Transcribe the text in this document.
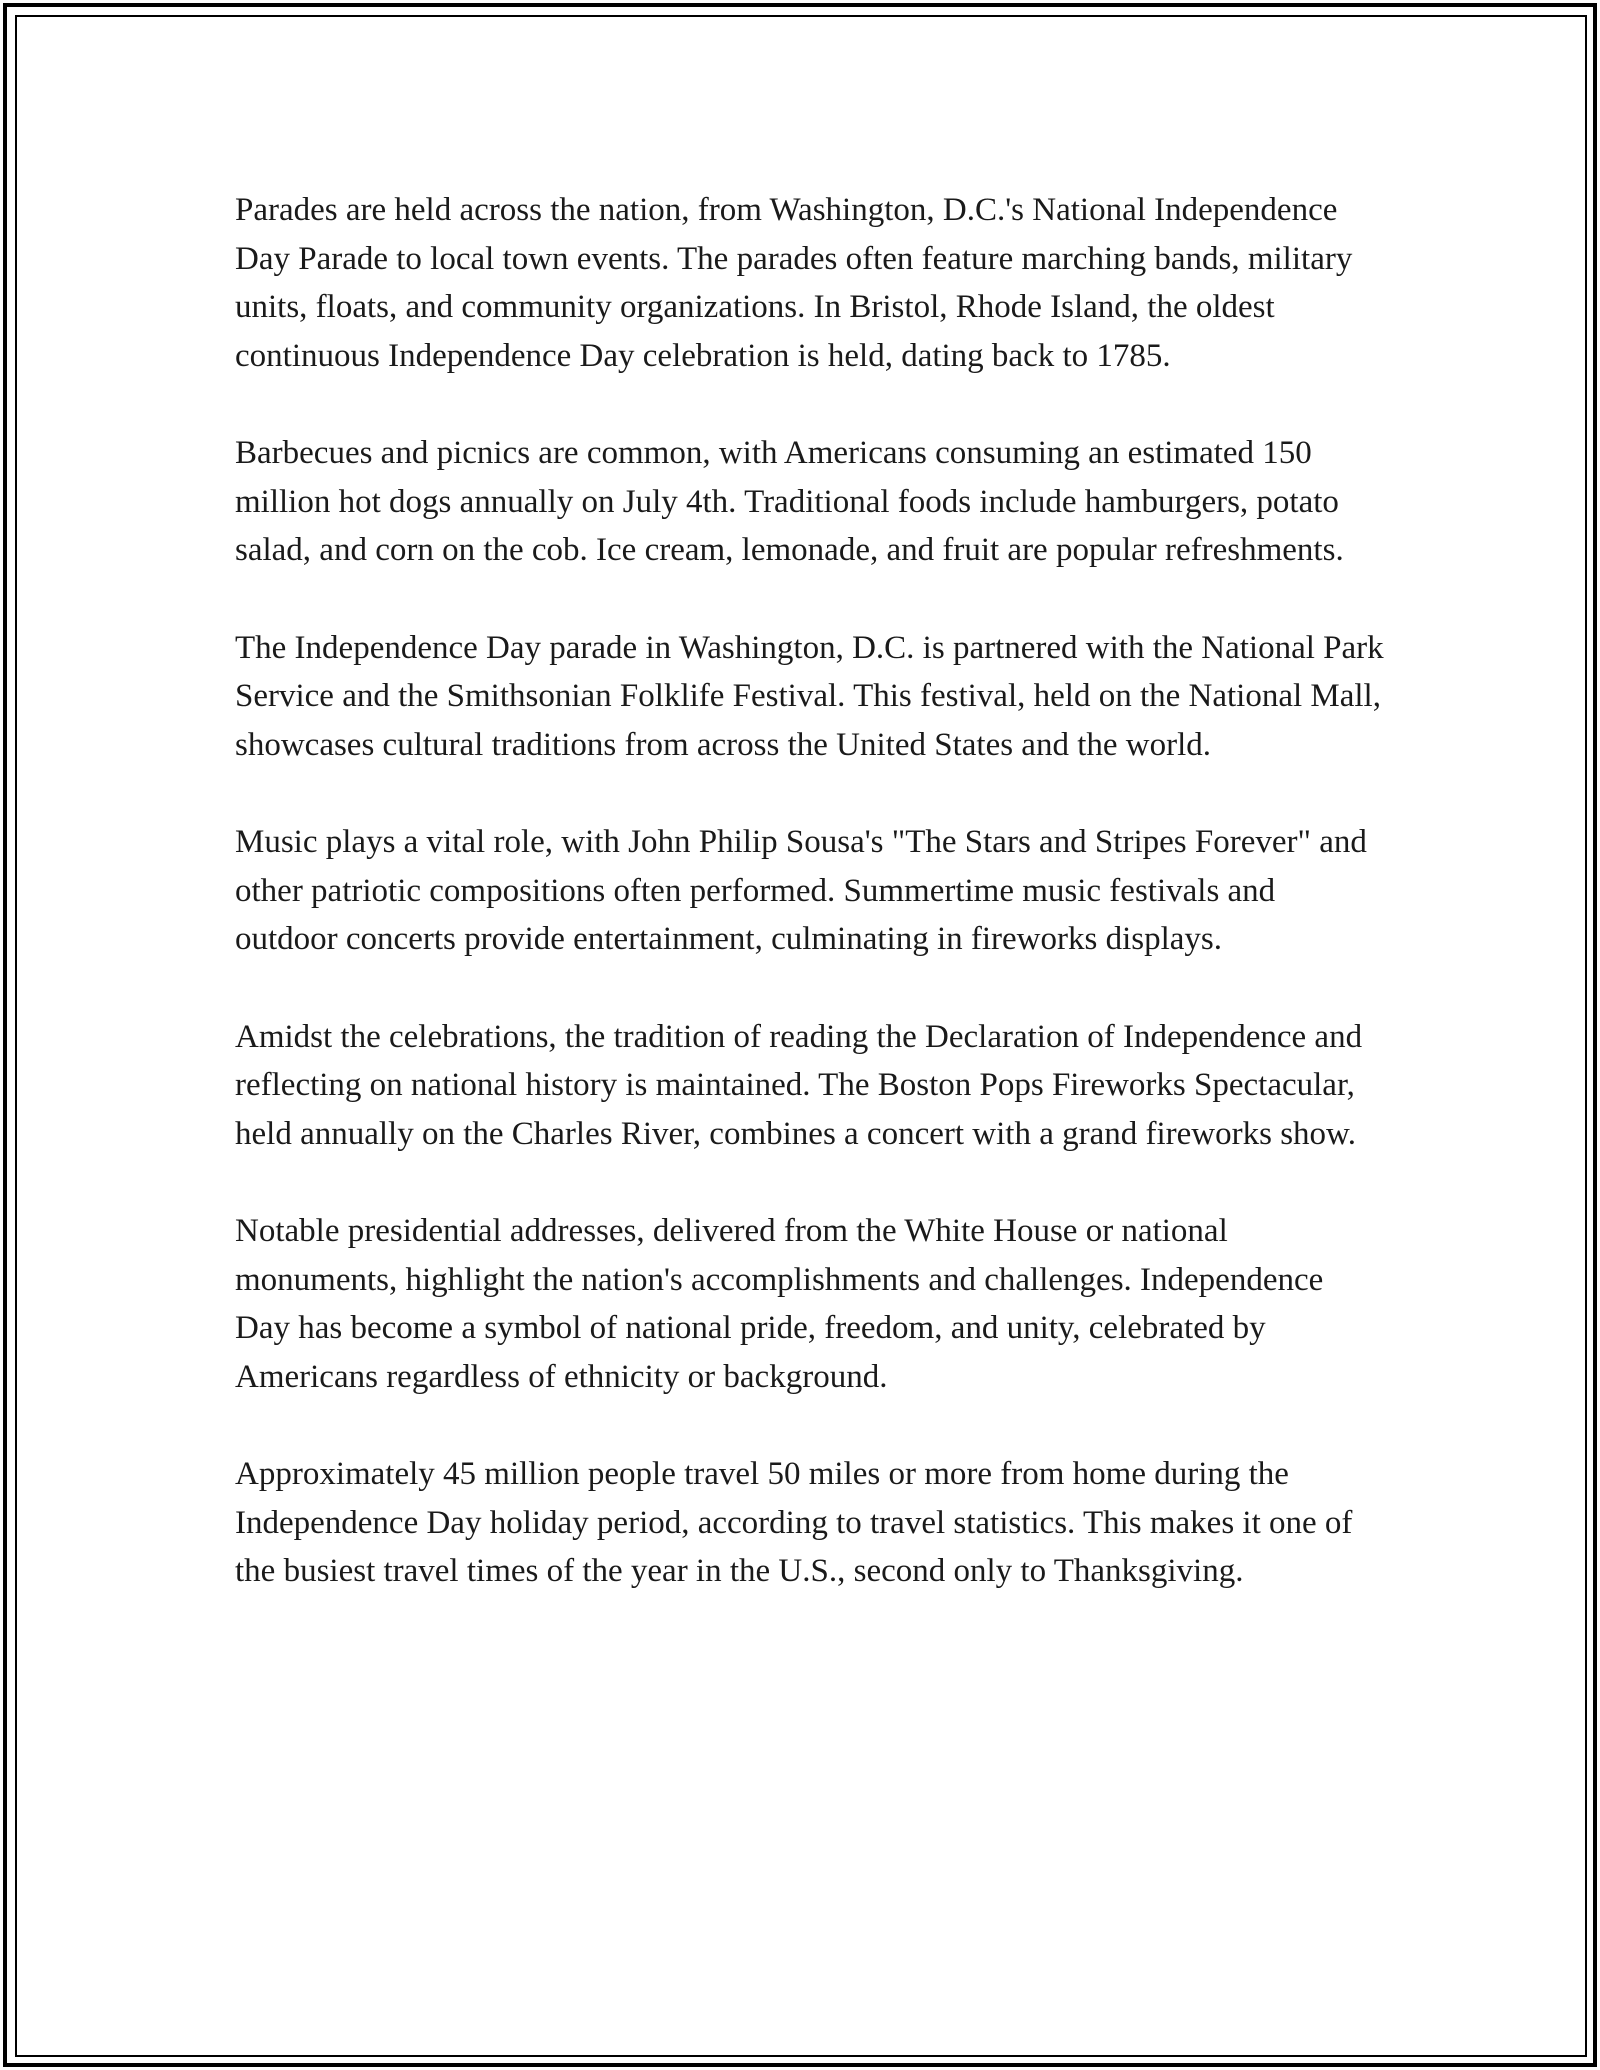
Parades are held across the nation, from Washington, D.C.'s National Independence Day Parade to local town events. The parades often feature marching bands, military units, floats, and community organizations. In Bristol, Rhode Island, the oldest continuous Independence Day celebration is held, dating back to 1785.

Barbecues and picnics are common, with Americans consuming an estimated 150 million hot dogs annually on July 4th. Traditional foods include hamburgers, potato salad, and corn on the cob. Ice cream, lemonade, and fruit are popular refreshments.

The Independence Day parade in Washington, D.C. is partnered with the National Park Service and the Smithsonian Folklife Festival. This festival, held on the National Mall, showcases cultural traditions from across the United States and the world.

Music plays a vital role, with John Philip Sousa's "The Stars and Stripes Forever" and other patriotic compositions often performed. Summertime music festivals and outdoor concerts provide entertainment, culminating in fireworks displays.

Amidst the celebrations, the tradition of reading the Declaration of Independence and reflecting on national history is maintained. The Boston Pops Fireworks Spectacular, held annually on the Charles River, combines a concert with a grand fireworks show.

Notable presidential addresses, delivered from the White House or national monuments, highlight the nation's accomplishments and challenges. Independence Day has become a symbol of national pride, freedom, and unity, celebrated by Americans regardless of ethnicity or background.

Approximately 45 million people travel 50 miles or more from home during the Independence Day holiday period, according to travel statistics. This makes it one of the busiest travel times of the year in the U.S., second only to Thanksgiving.
